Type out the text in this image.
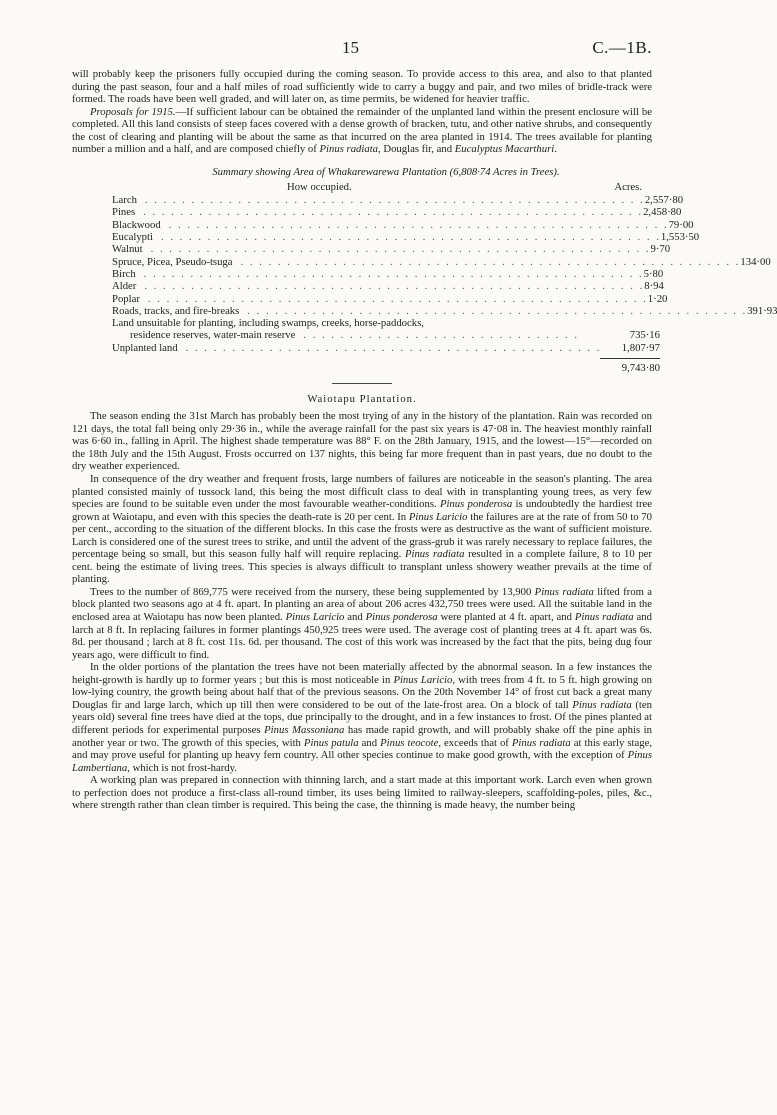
15	C.—1B.

will probably keep the prisoners fully occupied during the coming season. To provide access to this area, and also to that planted during the past season, four and a half miles of road sufficiently wide to carry a buggy and pair, and two miles of bridle-track were formed. The roads have been well graded, and will later on, as time permits, be widened for heavier traffic.

Proposals for 1915.—If sufficient labour can be obtained the remainder of the unplanted land within the present enclosure will be completed. All this land consists of steep faces covered with a dense growth of bracken, tutu, and other native shrubs, and consequently the cost of clearing and planting will be about the same as that incurred on the area planted in 1914. The trees available for planting number a million and a half, and are composed chiefly of Pinus radiata, Douglas fir, and Eucalyptus Macarthuri.

Summary showing Area of Whakarewarewa Plantation (6,808·74 Acres in Trees).
How occupied.	Acres.
Larch . . . . . . . . . . . . . . . . . . . . . . . . . . . . . . . . . . . . . . . . . . . . . . . . . . . . . . 2,557·80
Pines . . . . . . . . . . . . . . . . . . . . . . . . . . . . . . . . . . . . . . . . . . . . . . . . . . . . . . 2,458·80
Blackwood . . . . . . . . . . . . . . . . . . . . . . . . . . . . . . . . . . . . . . . . . . . . . . . . . . . . . . 79·00
Eucalypti . . . . . . . . . . . . . . . . . . . . . . . . . . . . . . . . . . . . . . . . . . . . . . . . . . . . . . 1,553·50
Walnut . . . . . . . . . . . . . . . . . . . . . . . . . . . . . . . . . . . . . . . . . . . . . . . . . . . . . . 9·70
Spruce, Picea, Pseudo-tsuga . . . . . . . . . . . . . . . . . . . . . . . . . . . . . . . . . . . . . . . . . . . . . . . . . . . . . . 134·00
Birch . . . . . . . . . . . . . . . . . . . . . . . . . . . . . . . . . . . . . . . . . . . . . . . . . . . . . . 5·80
Alder . . . . . . . . . . . . . . . . . . . . . . . . . . . . . . . . . . . . . . . . . . . . . . . . . . . . . . 8·94
Poplar . . . . . . . . . . . . . . . . . . . . . . . . . . . . . . . . . . . . . . . . . . . . . . . . . . . . . . 1·20
Roads, tracks, and fire-breaks . . . . . . . . . . . . . . . . . . . . . . . . . . . . . . . . . . . . . . . . . . . . . . . . . . . . . . 391·93
Land unsuitable for planting, including swamps, creeks, horse-paddocks,
residence reserves, water-main reserve . . . . . . . . . . . . . . . . . . . . . . . . . . . . . .	735·16
Unplanted land . . . . . . . . . . . . . . . . . . . . . . . . . . . . . . . . . . . . . . . . . . . . .	1,807·97
9,743·80
Waiotapu Plantation.

The season ending the 31st March has probably been the most trying of any in the history of the plantation. Rain was recorded on 121 days, the total fall being only 29·36 in., while the average rainfall for the past six years is 47·08 in. The heaviest monthly rainfall was 6·60 in., falling in April. The highest shade temperature was 88° F. on the 28th January, 1915, and the lowest—15°—recorded on the 18th July and the 15th August. Frosts occurred on 137 nights, this being far more frequent than in past years, due no doubt to the dry weather experienced.

In consequence of the dry weather and frequent frosts, large numbers of failures are noticeable in the season's planting. The area planted consisted mainly of tussock land, this being the most difficult class to deal with in transplanting young trees, as very few species are found to be suitable even under the most favourable weather-conditions. Pinus ponderosa is undoubtedly the hardiest tree grown at Waiotapu, and even with this species the death-rate is 20 per cent. In Pinus Laricio the failures are at the rate of from 50 to 70 per cent., according to the situation of the different blocks. In this case the frosts were as destructive as the want of sufficient moisture. Larch is considered one of the surest trees to strike, and until the advent of the grass-grub it was rarely necessary to replace failures, the percentage being so small, but this season fully half will require replacing. Pinus radiata resulted in a complete failure, 8 to 10 per cent. being the estimate of living trees. This species is always difficult to transplant unless showery weather prevails at the time of planting.

Trees to the number of 869,775 were received from the nursery, these being supplemented by 13,900 Pinus radiata lifted from a block planted two seasons ago at 4 ft. apart. In planting an area of about 206 acres 432,750 trees were used. All the suitable land in the enclosed area at Waiotapu has now been planted. Pinus Laricio and Pinus ponderosa were planted at 4 ft. apart, and Pinus radiata and larch at 8 ft. In replacing failures in former plantings 450,925 trees were used. The average cost of planting trees at 4 ft. apart was 6s. 8d. per thousand ; larch at 8 ft. cost 11s. 6d. per thousand. The cost of this work was increased by the fact that the pits, being dug four years ago, were difficult to find.

In the older portions of the plantation the trees have not been materially affected by the abnormal season. In a few instances the height-growth is hardly up to former years ; but this is most noticeable in Pinus Laricio, with trees from 4 ft. to 5 ft. high growing on low-lying country, the growth being about half that of the previous seasons. On the 20th November 14° of frost cut back a great many Douglas fir and large larch, which up till then were considered to be out of the late-frost area. On a block of tall Pinus radiata (ten years old) several fine trees have died at the tops, due principally to the drought, and in a few instances to frost. Of the pines planted at different periods for experimental purposes Pinus Massoniana has made rapid growth, and will probably shake off the pine aphis in another year or two. The growth of this species, with Pinus patula and Pinus teocote, exceeds that of Pinus radiata at this early stage, and may prove useful for planting up heavy fern country. All other species continue to make good growth, with the exception of Pinus Lambertiana, which is not frost-hardy.

A working plan was prepared in connection with thinning larch, and a start made at this important work. Larch even when grown to perfection does not produce a first-class all-round timber, its uses being limited to railway-sleepers, scaffolding-poles, piles, &c., where strength rather than clean timber is required. This being the case, the thinning is made heavy, the number being
